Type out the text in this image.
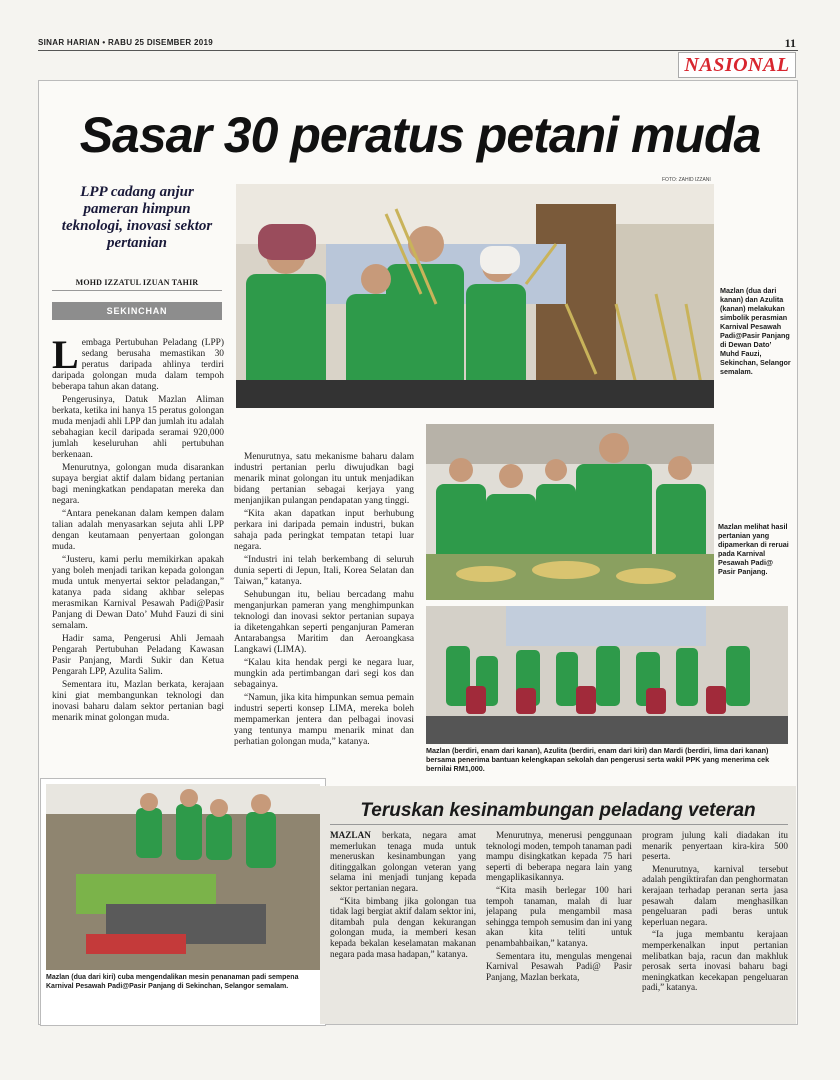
SINAR HARIAN • RABU 25 DISEMBER 2019	11
NASIONAL
Sasar 30 peratus petani muda
LPP cadang anjur pameran himpun teknologi, inovasi sektor pertanian
MOHD IZZATUL IZUAN TAHIR
SEKINCHAN

Lembaga Pertubuhan Peladang (LPP) sedang berusaha memastikan 30 peratus daripada ahlinya terdiri daripada golongan muda dalam tempoh beberapa tahun akan datang.

Pengerusinya, Datuk Mazlan Aliman berkata, ketika ini hanya 15 peratus golongan muda menjadi ahli LPP dan jumlah itu adalah sebahagian kecil daripada seramai 920,000 jumlah keseluruhan ahli pertubuhan berkenaan.

Menurutnya, golongan muda disarankan supaya bergiat aktif dalam bidang pertanian bagi meningkatkan pendapatan mereka dan negara.

“Antara penekanan dalam kempen dalam talian adalah menyasarkan sejuta ahli LPP dengan keutamaan penyertaan golongan muda.

“Justeru, kami perlu memikirkan apakah yang boleh menjadi tarikan kepada golongan muda untuk menyertai sektor peladangan,” katanya pada sidang akhbar selepas merasmikan Karnival Pesawah Padi@Pasir Panjang di Dewan Dato’ Muhd Fauzi di sini semalam.

Hadir sama, Pengerusi Ahli Jemaah Pengarah Pertubuhan Peladang Kawasan Pasir Panjang, Mardi Sukir dan Ketua Pengarah LPP, Azulita Salim.

Sementara itu, Mazlan berkata, kerajaan kini giat membangunkan teknologi dan inovasi baharu dalam sektor pertanian bagi menarik minat golongan muda.

Menurutnya, satu mekanisme baharu dalam industri pertanian perlu diwujudkan bagi menarik minat golongan itu untuk menjadikan bidang pertanian sebagai kerjaya yang menjanjikan pulangan pendapatan yang tinggi.

“Kita akan dapatkan input berhubung perkara ini daripada pemain industri, bukan sahaja pada peringkat tempatan tetapi luar negara.

“Industri ini telah berkembang di seluruh dunia seperti di Jepun, Itali, Korea Selatan dan Taiwan,” katanya.

Sehubungan itu, beliau bercadang mahu menganjurkan pameran yang menghimpunkan teknologi dan inovasi sektor pertanian supaya ia diketengahkan seperti penganjuran Pameran Antarabangsa Maritim dan Aeroangkasa Langkawi (LIMA).

“Kalau kita hendak pergi ke negara luar, mungkin ada pertimbangan dari segi kos dan sebagainya.

“Namun, jika kita himpunkan semua pemain industri seperti konsep LIMA, mereka boleh mempamerkan jentera dan pelbagai inovasi yang tentunya mampu menarik minat dan perhatian golongan muda,” katanya.

FOTO: ZAHID IZZANI
Mazlan (dua dari kanan) dan Azulita (kanan) melakukan simbolik perasmian Karnival Pesawah Padi@Pasir Panjang di Dewan Dato’ Muhd Fauzi, Sekinchan, Selangor semalam.
Mazlan melihat hasil pertanian yang dipamerkan di reruai pada Karnival Pesawah Padi@ Pasir Panjang.
Mazlan (berdiri, enam dari kanan), Azulita (berdiri, enam dari kiri) dan Mardi (berdiri, lima dari kanan) bersama penerima bantuan kelengkapan sekolah dan pengerusi serta wakil PPK yang menerima cek bernilai RM1,000.
Mazlan (dua dari kiri) cuba mengendalikan mesin penanaman padi sempena Karnival Pesawah Padi@Pasir Panjang di Sekinchan, Selangor semalam.
Teruskan kesinambungan peladang veteran

MAZLAN berkata, negara amat memerlukan tenaga muda untuk meneruskan kesinambungan yang ditinggalkan golongan veteran yang selama ini menjadi tunjang kepada sektor pertanian negara.

“Kita bimbang jika golongan tua tidak lagi bergiat aktif dalam sektor ini, ditambah pula dengan kekurangan golongan muda, ia memberi kesan kepada bekalan keselamatan makanan negara pada masa hadapan,” katanya.

Menurutnya, menerusi penggunaan teknologi moden, tempoh tanaman padi mampu disingkatkan kepada 75 hari seperti di beberapa negara lain yang mengaplikasikannya.

“Kita masih berlegar 100 hari tempoh tanaman, malah di luar jelapang pula mengambil masa sehingga tempoh semusim dan ini yang akan kita teliti untuk penambahbaikan,” katanya.

Sementara itu, mengulas mengenai Karnival Pesawah Padi@ Pasir Panjang, Mazlan berkata,

program julung kali diadakan itu menarik penyertaan kira-kira 500 peserta.

Menurutnya, karnival tersebut adalah pengiktirafan dan penghormatan kerajaan terhadap peranan serta jasa pesawah dalam menghasilkan pengeluaran padi beras untuk keperluan negara.

“Ia juga membantu kerajaan memperkenalkan input pertanian melibatkan baja, racun dan makhluk perosak serta inovasi baharu bagi meningkatkan kecekapan pengeluaran padi,” katanya.
